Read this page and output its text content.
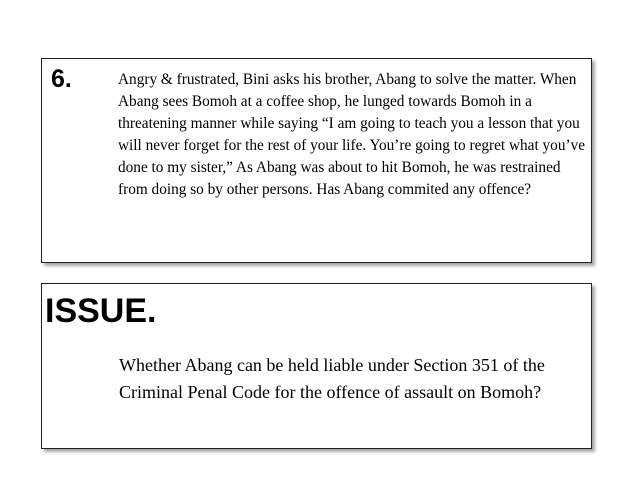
6.	Angry & frustrated, Bini asks his brother, Abang to solve the matter. When Abang sees Bomoh at a coffee shop, he lunged towards Bomoh in a threatening manner while saying “I am going to teach you a lesson that you will never forget for the rest of your life. You’re going to regret what you’ve done to my sister,” As Abang was about to hit Bomoh, he was restrained from doing so by other persons. Has Abang commited any offence?

ISSUE.

Whether Abang can be held liable under Section 351 of the Criminal Penal Code for the offence of assault on Bomoh?
